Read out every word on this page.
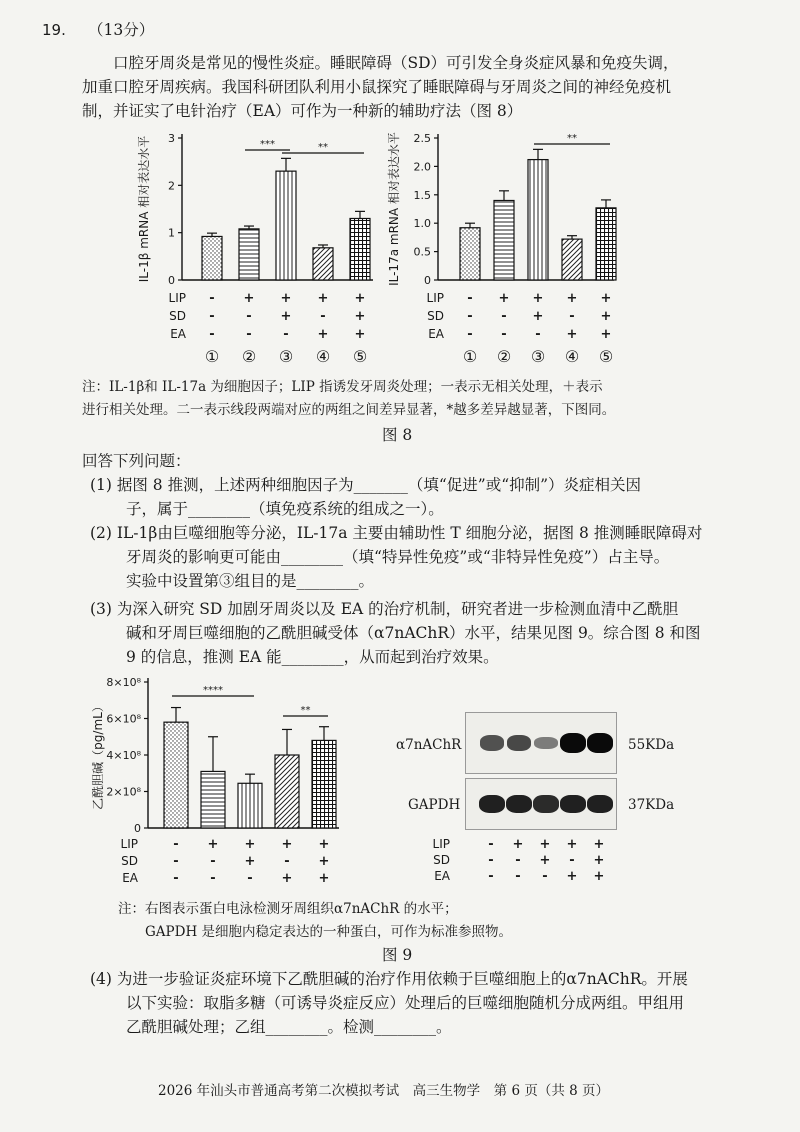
19. （13分）
口腔牙周炎是常见的慢性炎症。睡眠障碍（SD）可引发全身炎症风暴和免疫失调，
加重口腔牙周疾病。我国科研团队利用小鼠探究了睡眠障碍与牙周炎之间的神经免疫机
制，并证实了电针治疗（EA）可作为一种新的辅助疗法（图 8）
0
1
2
3
IL-1β mRNA 相对表达水平	***	**
LIP - + + + +
SD - - + - +
EA - - - + +
① ② ③ ④ ⑤
0
0.5
1.0
1.5
2.0
2.5
IL-17a mRNA 相对表达水平	**
LIP - + + + +
SD - - + - +
EA - - - + +
① ② ③ ④ ⑤
注：IL-1β和 IL-17a 为细胞因子；LIP 指诱发牙周炎处理；一表示无相关处理，＋表示
进行相关处理。二一表示线段两端对应的两组之间差异显著，*越多差异越显著，下图同。
图 8
回答下列问题：
(1) 据图 8 推测，上述两种细胞因子为_______（填“促进”或“抑制”）炎症相关因
子，属于________（填免疫系统的组成之一）。
(2) IL-1β由巨噬细胞等分泌，IL-17a 主要由辅助性 T 细胞分泌，据图 8 推测睡眠障碍对
牙周炎的影响更可能由________（填“特异性免疫”或“非特异性免疫”）占主导。
实验中设置第③组目的是________。
(3) 为深入研究 SD 加剧牙周炎以及 EA 的治疗机制，研究者进一步检测血清中乙酰胆
碱和牙周巨噬细胞的乙酰胆碱受体（α7nAChR）水平，结果见图 9。综合图 8 和图
9 的信息，推测 EA 能________，从而起到治疗效果。
0
2×10⁸
4×10⁸
6×10⁸
8×10⁸
乙酰胆碱（pg/mL）
****
**
LIP	- + + + +
SD	- - + - +
EA	- - - + +
α7nAChR
GAPDH
55KDa
37KDa
LIP	- + + + +
SD	- - + - +
EA	- - - + +
注：右图表示蛋白电泳检测牙周组织α7nAChR 的水平；
GAPDH 是细胞内稳定表达的一种蛋白，可作为标准参照物。
图 9
(4) 为进一步验证炎症环境下乙酰胆碱的治疗作用依赖于巨噬细胞上的α7nAChR。开展
以下实验：取脂多糖（可诱导炎症反应）处理后的巨噬细胞随机分成两组。甲组用
乙酰胆碱处理；乙组________。检测________。
2026 年汕头市普通高考第二次模拟考试　高三生物学　第 6 页（共 8 页）
